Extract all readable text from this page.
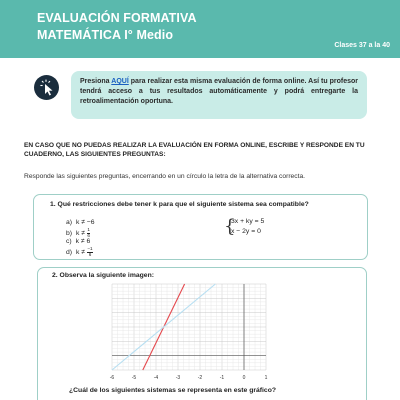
EVALUACIÓN FORMATIVA
MATEMÁTICA I° Medio
Clases 37 a la 40
Presiona AQUÍ para realizar esta misma evaluación de forma online. Así tu profesor tendrá acceso a tus resultados automáticamente y podrá entregarte la retroalimentación oportuna.
EN CASO QUE NO PUEDAS REALIZAR LA EVALUACIÓN EN FORMA ONLINE, ESCRIBE Y RESPONDE EN TU CUADERNO, LAS SIGUIENTES PREGUNTAS:
Responde las siguientes preguntas, encerrando en un círculo la letra de la alternativa correcta.
1. Qué restricciones debe tener k para que el siguiente sistema sea compatible?
a) k ≠ −6
b) $k \ne \frac{1}{6}$
c) k ≠ 6
d) $k \ne \frac{-1}{6}$
{
3x + ky = 5
x − 2y = 0
2. Observa la siguiente imagen:
-6	-5	-4	-3	-2	-1	0	1
¿Cuál de los siguientes sistemas se representa en este gráfico?
